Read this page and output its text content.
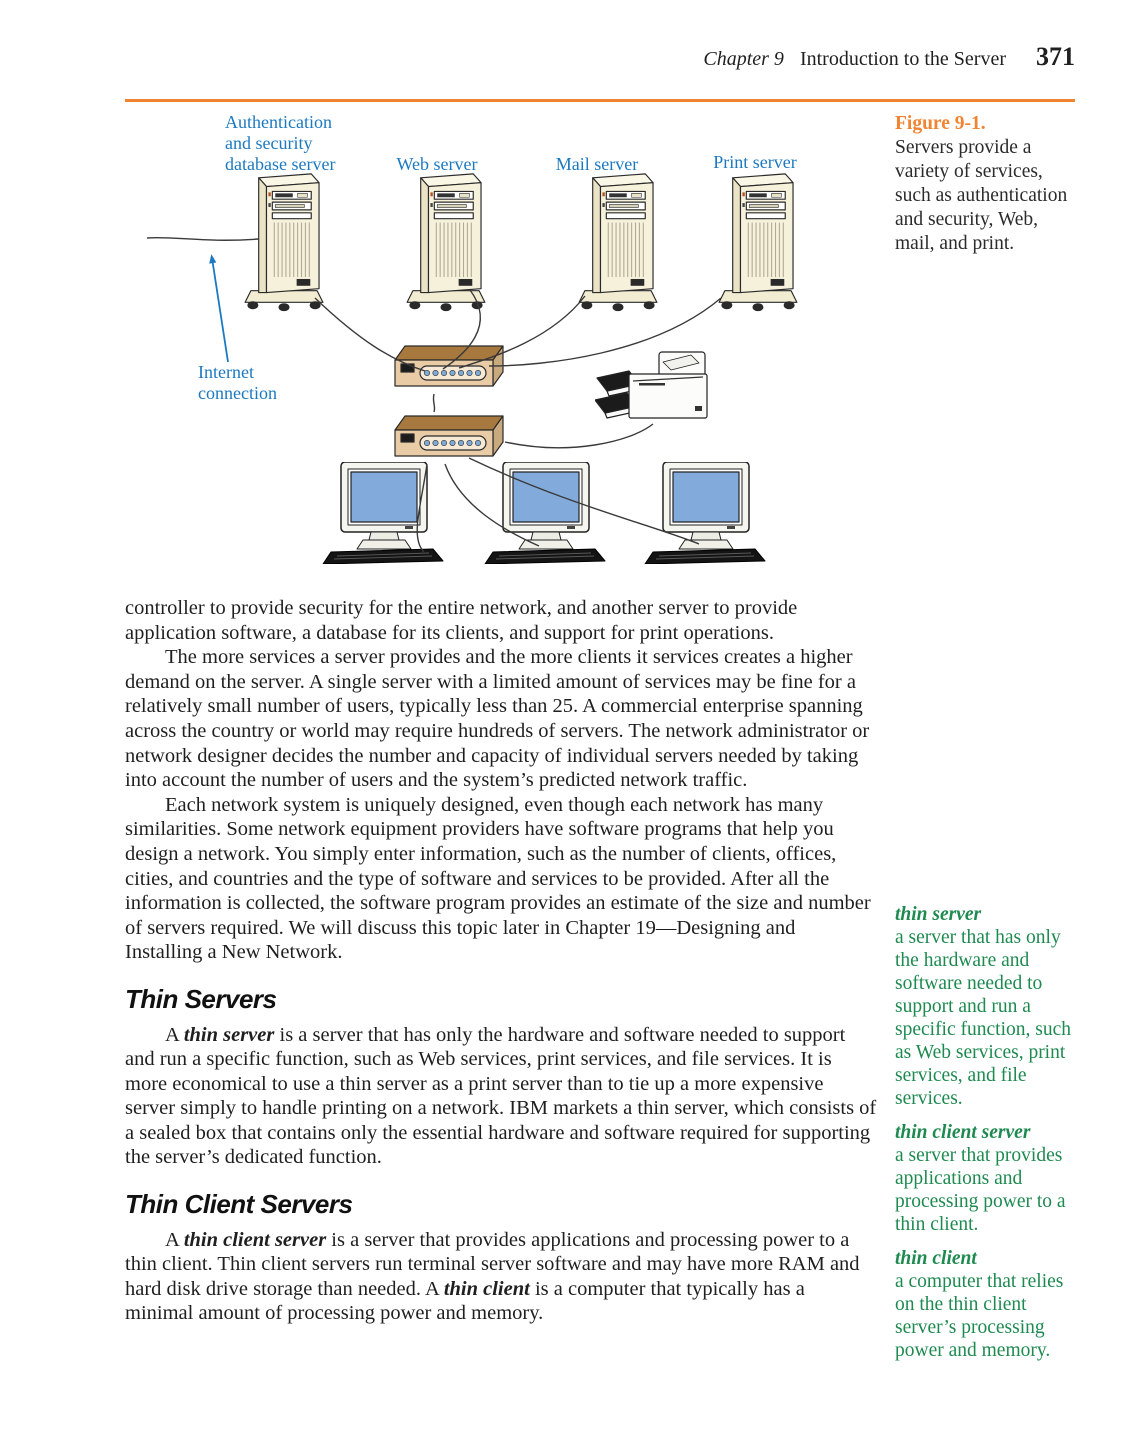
Chapter 9 Introduction to the Server 371
Authentication
and security
database server	Web server	Mail server	Print server
Internet
connection
Figure 9-1.
Servers provide a variety of services, such as authentication and security, Web, mail, and print.

controller to provide security for the entire network, and another server to provide application software, a database for its clients, and support for print operations.

The more services a server provides and the more clients it services creates a higher demand on the server. A single server with a limited amount of services may be fine for a relatively small number of users, typically less than 25. A commercial enterprise spanning across the country or world may require hundreds of servers. The network administrator or network designer decides the number and capacity of individual servers needed by taking into account the number of users and the system’s predicted network traffic.

Each network system is uniquely designed, even though each network has many similarities. Some network equipment providers have software programs that help you design a network. You simply enter information, such as the number of clients, offices, cities, and countries and the type of software and services to be provided. After all the information is collected, the software program provides an estimate of the size and number of servers required. We will discuss this topic later in Chapter 19—Designing and Installing a New Network.

Thin Servers

A thin server is a server that has only the hardware and software needed to support and run a specific function, such as Web services, print services, and file services. It is more economical to use a thin server as a print server than to tie up a more expensive server simply to handle printing on a network. IBM markets a thin server, which consists of a sealed box that contains only the essential hardware and software required for supporting the server’s dedicated function.

Thin Client Servers

A thin client server is a server that provides applications and processing power to a thin client. Thin client servers run terminal server software and may have more RAM and hard disk drive storage than needed. A thin client is a computer that typically has a minimal amount of processing power and memory.

thin server
a server that has only the hardware and software needed to support and run a specific function, such as Web services, print services, and file services.
thin client server
a server that provides applications and processing power to a thin client.
thin client
a computer that relies on the thin client server’s processing power and memory.
